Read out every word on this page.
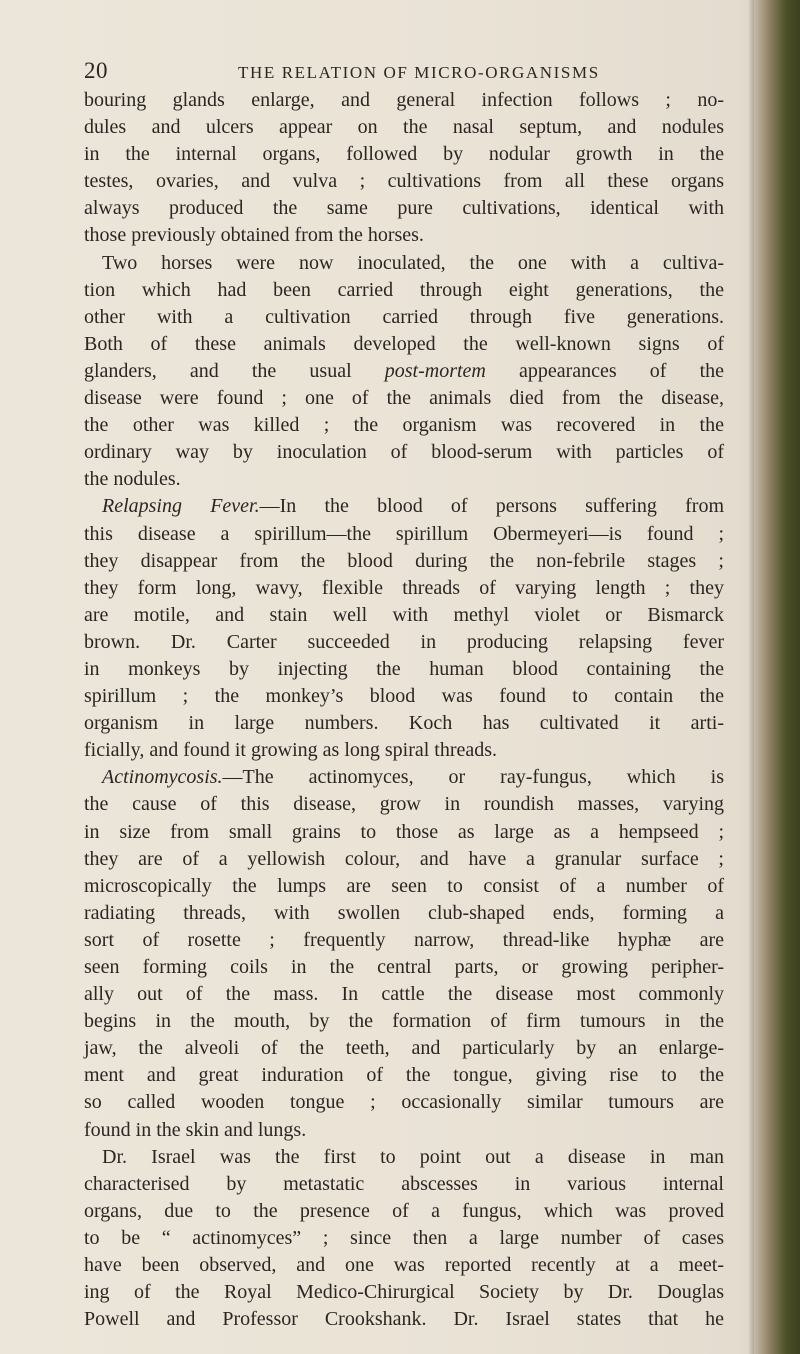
20	THE RELATION OF MICRO-ORGANISMS
bouring glands enlarge, and general infection follows ; no-
dules and ulcers appear on the nasal septum, and nodules
in the internal organs, followed by nodular growth in the
testes, ovaries, and vulva ; cultivations from all these organs
always produced the same pure cultivations, identical with
those previously obtained from the horses.
Two horses were now inoculated, the one with a cultiva-
tion which had been carried through eight generations, the
other with a cultivation carried through five generations.
Both of these animals developed the well-known signs of
glanders, and the usual post-mortem appearances of the
disease were found ; one of the animals died from the disease,
the other was killed ; the organism was recovered in the
ordinary way by inoculation of blood-serum with particles of
the nodules.
Relapsing Fever.—In the blood of persons suffering from
this disease a spirillum—the spirillum Obermeyeri—is found ;
they disappear from the blood during the non-febrile stages ;
they form long, wavy, flexible threads of varying length ; they
are motile, and stain well with methyl violet or Bismarck
brown. Dr. Carter succeeded in producing relapsing fever
in monkeys by injecting the human blood containing the
spirillum ; the monkey’s blood was found to contain the
organism in large numbers. Koch has cultivated it arti-
ficially, and found it growing as long spiral threads.
Actinomycosis.—The actinomyces, or ray-fungus, which is
the cause of this disease, grow in roundish masses, varying
in size from small grains to those as large as a hempseed ;
they are of a yellowish colour, and have a granular surface ;
microscopically the lumps are seen to consist of a number of
radiating threads, with swollen club-shaped ends, forming a
sort of rosette ; frequently narrow, thread-like hyphæ are
seen forming coils in the central parts, or growing peripher-
ally out of the mass. In cattle the disease most commonly
begins in the mouth, by the formation of firm tumours in the
jaw, the alveoli of the teeth, and particularly by an enlarge-
ment and great induration of the tongue, giving rise to the
so called wooden tongue ; occasionally similar tumours are
found in the skin and lungs.
Dr. Israel was the first to point out a disease in man
characterised by metastatic abscesses in various internal
organs, due to the presence of a fungus, which was proved
to be “ actinomyces” ; since then a large number of cases
have been observed, and one was reported recently at a meet-
ing of the Royal Medico-Chirurgical Society by Dr. Douglas
Powell and Professor Crookshank. Dr. Israel states that he
